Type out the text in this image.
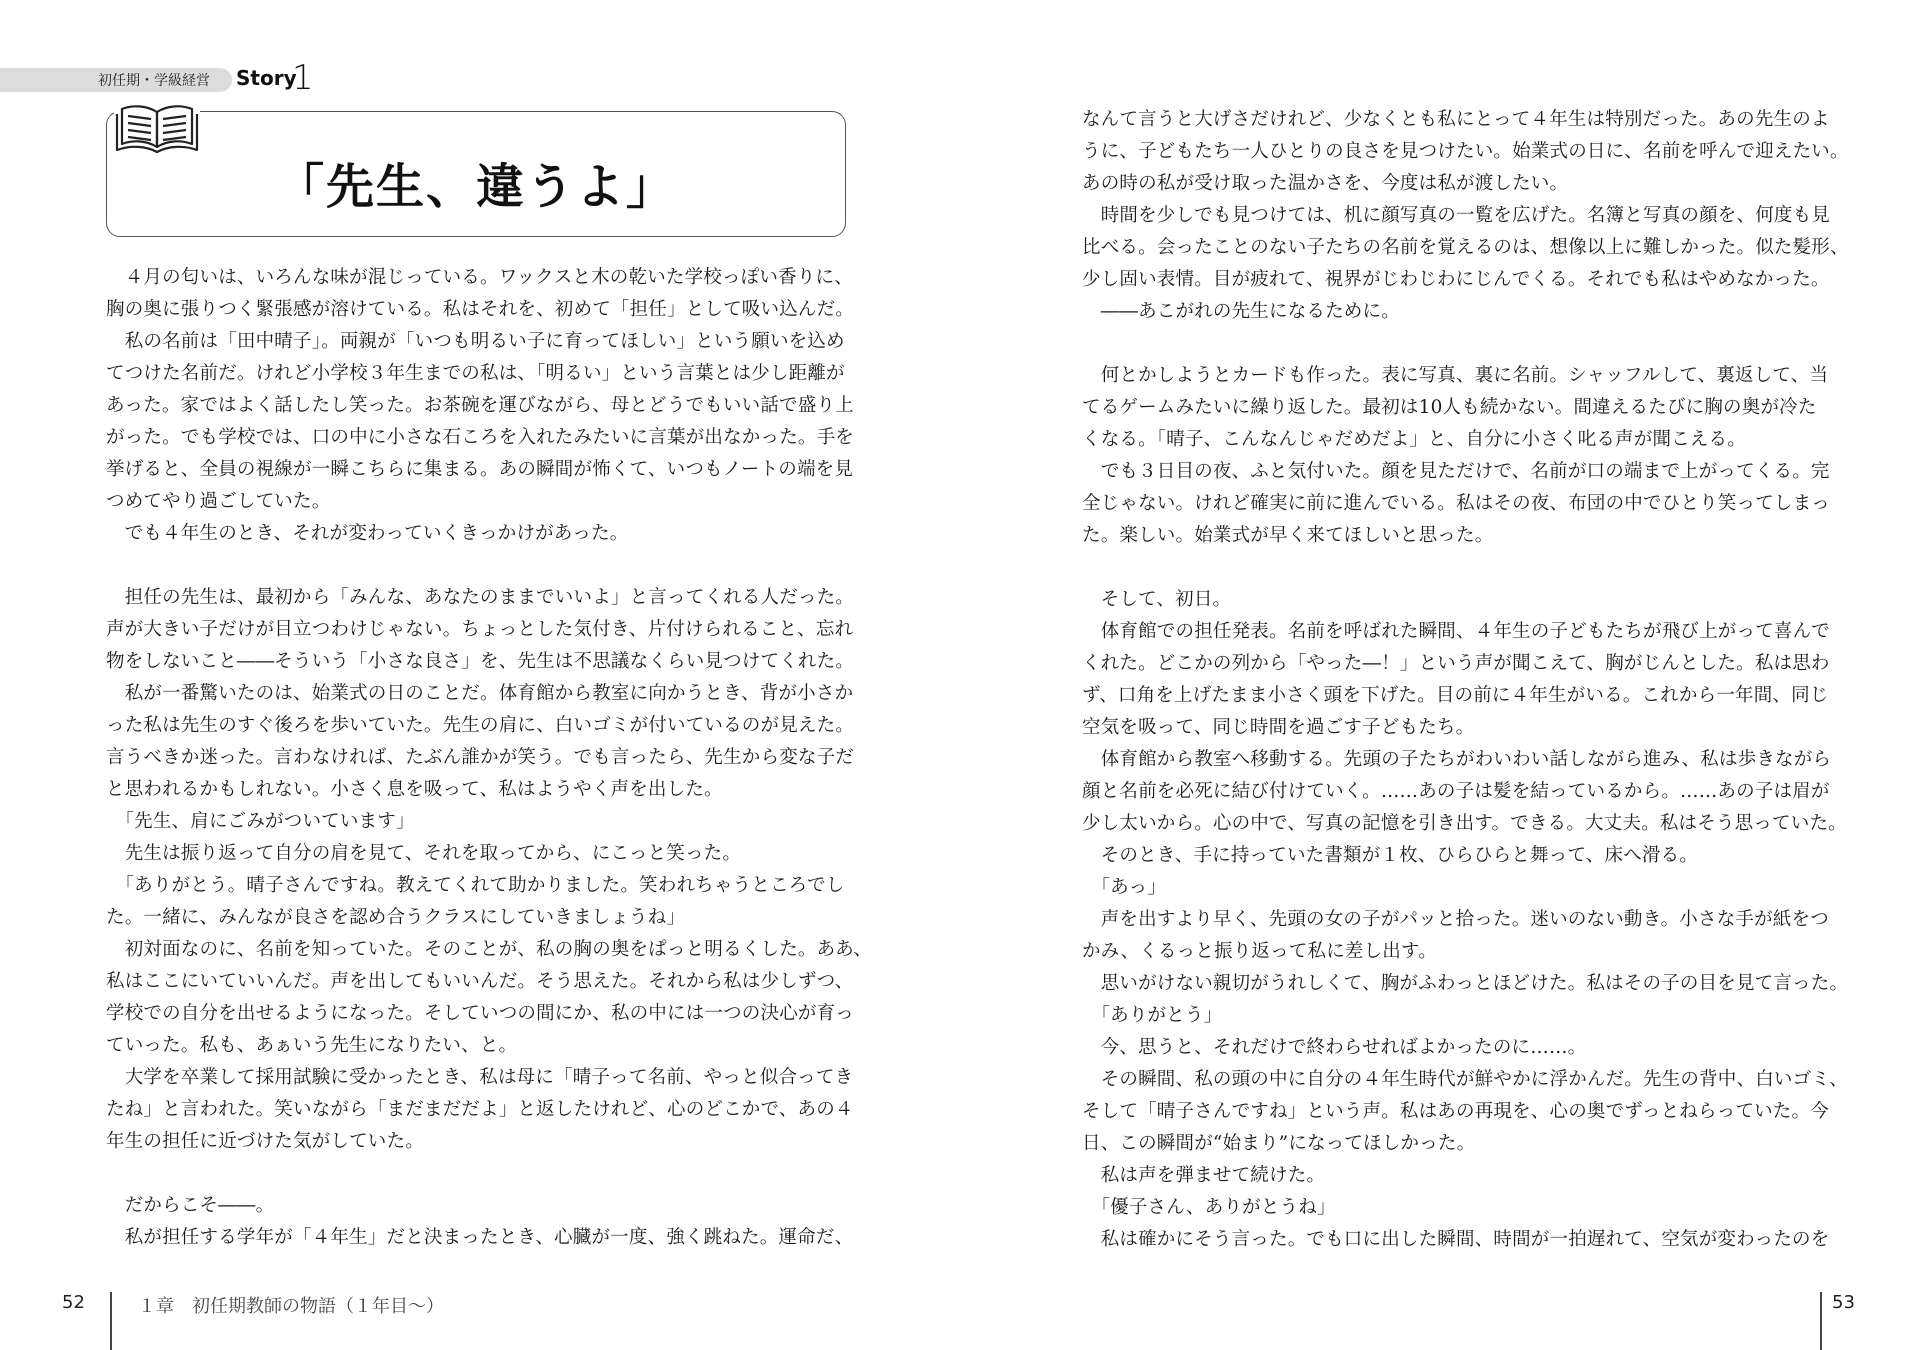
初任期・学級経営 Story
1
「先生、違うよ」
　４月の匂いは、いろんな味が混じっている。ワックスと木の乾いた学校っぽい香りに、
胸の奥に張りつく緊張感が溶けている。私はそれを、初めて「担任」として吸い込んだ。
　私の名前は「田中晴子」。両親が「いつも明るい子に育ってほしい」という願いを込め
てつけた名前だ。けれど小学校３年生までの私は、「明るい」という言葉とは少し距離が
あった。家ではよく話したし笑った。お茶碗を運びながら、母とどうでもいい話で盛り上
がった。でも学校では、口の中に小さな石ころを入れたみたいに言葉が出なかった。手を
挙げると、全員の視線が一瞬こちらに集まる。あの瞬間が怖くて、いつもノートの端を見
つめてやり過ごしていた。
　でも４年生のとき、それが変わっていくきっかけがあった。
　担任の先生は、最初から「みんな、あなたのままでいいよ」と言ってくれる人だった。
声が大きい子だけが目立つわけじゃない。ちょっとした気付き、片付けられること、忘れ
物をしないこと――そういう「小さな良さ」を、先生は不思議なくらい見つけてくれた。
　私が一番驚いたのは、始業式の日のことだ。体育館から教室に向かうとき、背が小さか
った私は先生のすぐ後ろを歩いていた。先生の肩に、白いゴミが付いているのが見えた。
言うべきか迷った。言わなければ、たぶん誰かが笑う。でも言ったら、先生から変な子だ
と思われるかもしれない。小さく息を吸って、私はようやく声を出した。
　「先生、肩にごみがついています」
　先生は振り返って自分の肩を見て、それを取ってから、にこっと笑った。
　「ありがとう。晴子さんですね。教えてくれて助かりました。笑われちゃうところでし
た。一緒に、みんなが良さを認め合うクラスにしていきましょうね」
　初対面なのに、名前を知っていた。そのことが、私の胸の奥をぱっと明るくした。ああ、
私はここにいていいんだ。声を出してもいいんだ。そう思えた。それから私は少しずつ、
学校での自分を出せるようになった。そしていつの間にか、私の中には一つの決心が育っ
ていった。私も、あぁいう先生になりたい、と。
　大学を卒業して採用試験に受かったとき、私は母に「晴子って名前、やっと似合ってき
たね」と言われた。笑いながら「まだまだだよ」と返したけれど、心のどこかで、あの４
年生の担任に近づけた気がしていた。
　だからこそ――。
　私が担任する学年が「４年生」だと決まったとき、心臓が一度、強く跳ねた。運命だ、
なんて言うと大げさだけれど、少なくとも私にとって４年生は特別だった。あの先生のよ
うに、子どもたち一人ひとりの良さを見つけたい。始業式の日に、名前を呼んで迎えたい。
あの時の私が受け取った温かさを、今度は私が渡したい。
　時間を少しでも見つけては、机に顔写真の一覧を広げた。名簿と写真の顔を、何度も見
比べる。会ったことのない子たちの名前を覚えるのは、想像以上に難しかった。似た髪形、
少し固い表情。目が疲れて、視界がじわじわにじんでくる。それでも私はやめなかった。
　――あこがれの先生になるために。
　何とかしようとカードも作った。表に写真、裏に名前。シャッフルして、裏返して、当
てるゲームみたいに繰り返した。最初は10人も続かない。間違えるたびに胸の奥が冷た
くなる。「晴子、こんなんじゃだめだよ」と、自分に小さく叱る声が聞こえる。
　でも３日目の夜、ふと気付いた。顔を見ただけで、名前が口の端まで上がってくる。完
全じゃない。けれど確実に前に進んでいる。私はその夜、布団の中でひとり笑ってしまっ
た。楽しい。始業式が早く来てほしいと思った。
　そして、初日。
　体育館での担任発表。名前を呼ばれた瞬間、４年生の子どもたちが飛び上がって喜んで
くれた。どこかの列から「やった―！」という声が聞こえて、胸がじんとした。私は思わ
ず、口角を上げたまま小さく頭を下げた。目の前に４年生がいる。これから一年間、同じ
空気を吸って、同じ時間を過ごす子どもたち。
　体育館から教室へ移動する。先頭の子たちがわいわい話しながら進み、私は歩きながら
顔と名前を必死に結び付けていく。……あの子は髪を結っているから。……あの子は眉が
少し太いから。心の中で、写真の記憶を引き出す。できる。大丈夫。私はそう思っていた。
　そのとき、手に持っていた書類が１枚、ひらひらと舞って、床へ滑る。
　「あっ」
　声を出すより早く、先頭の女の子がパッと拾った。迷いのない動き。小さな手が紙をつ
かみ、くるっと振り返って私に差し出す。
　思いがけない親切がうれしくて、胸がふわっとほどけた。私はその子の目を見て言った。
　「ありがとう」
　今、思うと、それだけで終わらせればよかったのに……。
　その瞬間、私の頭の中に自分の４年生時代が鮮やかに浮かんだ。先生の背中、白いゴミ、
そして「晴子さんですね」という声。私はあの再現を、心の奥でずっとねらっていた。今
日、この瞬間が“始まり”になってほしかった。
　私は声を弾ませて続けた。
　「優子さん、ありがとうね」
　私は確かにそう言った。でも口に出した瞬間、時間が一拍遅れて、空気が変わったのを
52	１章　初任期教師の物語（１年目～）	53
